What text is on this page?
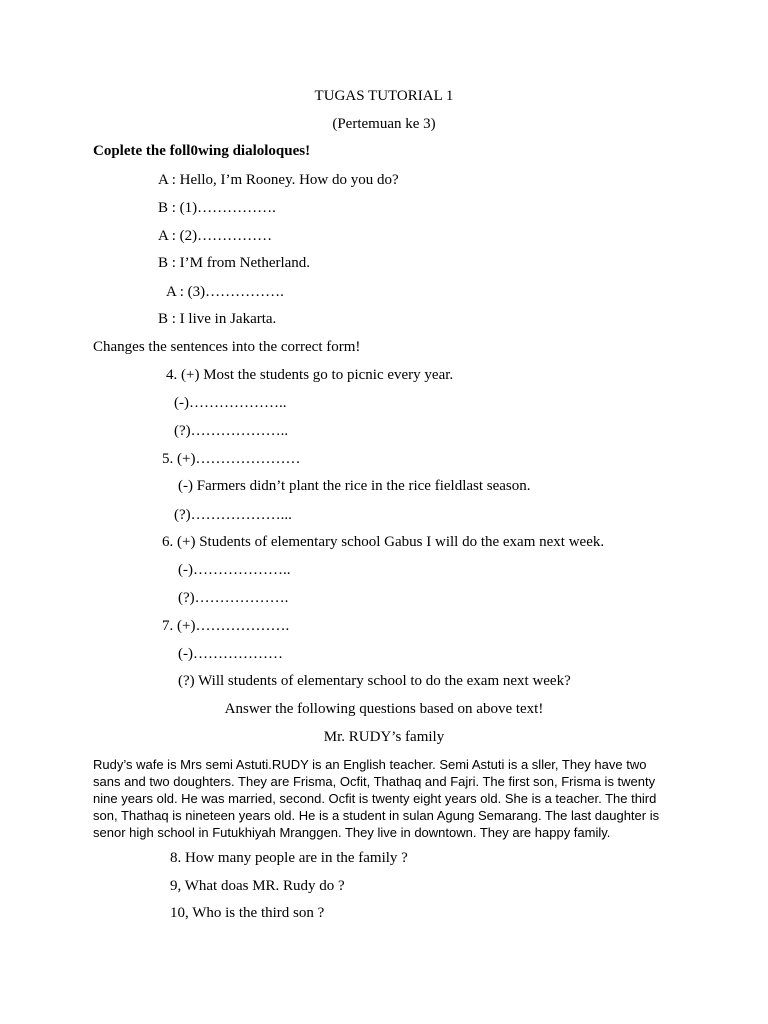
TUGAS TUTORIAL 1
(Pertemuan ke 3)
Coplete the foll0wing dialoloques!
A : Hello, I’m Rooney. How do you do?
B : (1)…………….
A : (2)……………
B : I’M from Netherland.
A : (3)…………….
B : I live in Jakarta.
Changes the sentences into the correct form!
4. (+) Most the students go to picnic every year.
(-)………………..
(?)………………..
5. (+)…………………
(-) Farmers didn’t plant the rice in the rice fieldlast season.
(?)………………...
6. (+) Students of elementary school Gabus I will do the exam next week.
(-)………………..
(?)……………….
7. (+)……………….
(-)………………
(?) Will students of elementary school to do the exam next week?
Answer the following questions based on above text!
Mr. RUDY’s family
Rudy’s wafe is Mrs semi Astuti.RUDY is an English teacher. Semi Astuti is a sller, They have two
sans and two doughters. They are Frisma, Ocfit, Thathaq and Fajri. The first son, Frisma is twenty
nine years old. He was married, second. Ocfit is twenty eight years old. She is a teacher. The third
son, Thathaq is nineteen years old. He is a student in sulan Agung Semarang. The last daughter is
senor high school in Futukhiyah Mranggen. They live in downtown. They are happy family.
8. How many people are in the family ?
9, What doas MR. Rudy do ?
10, Who is the third son ?
